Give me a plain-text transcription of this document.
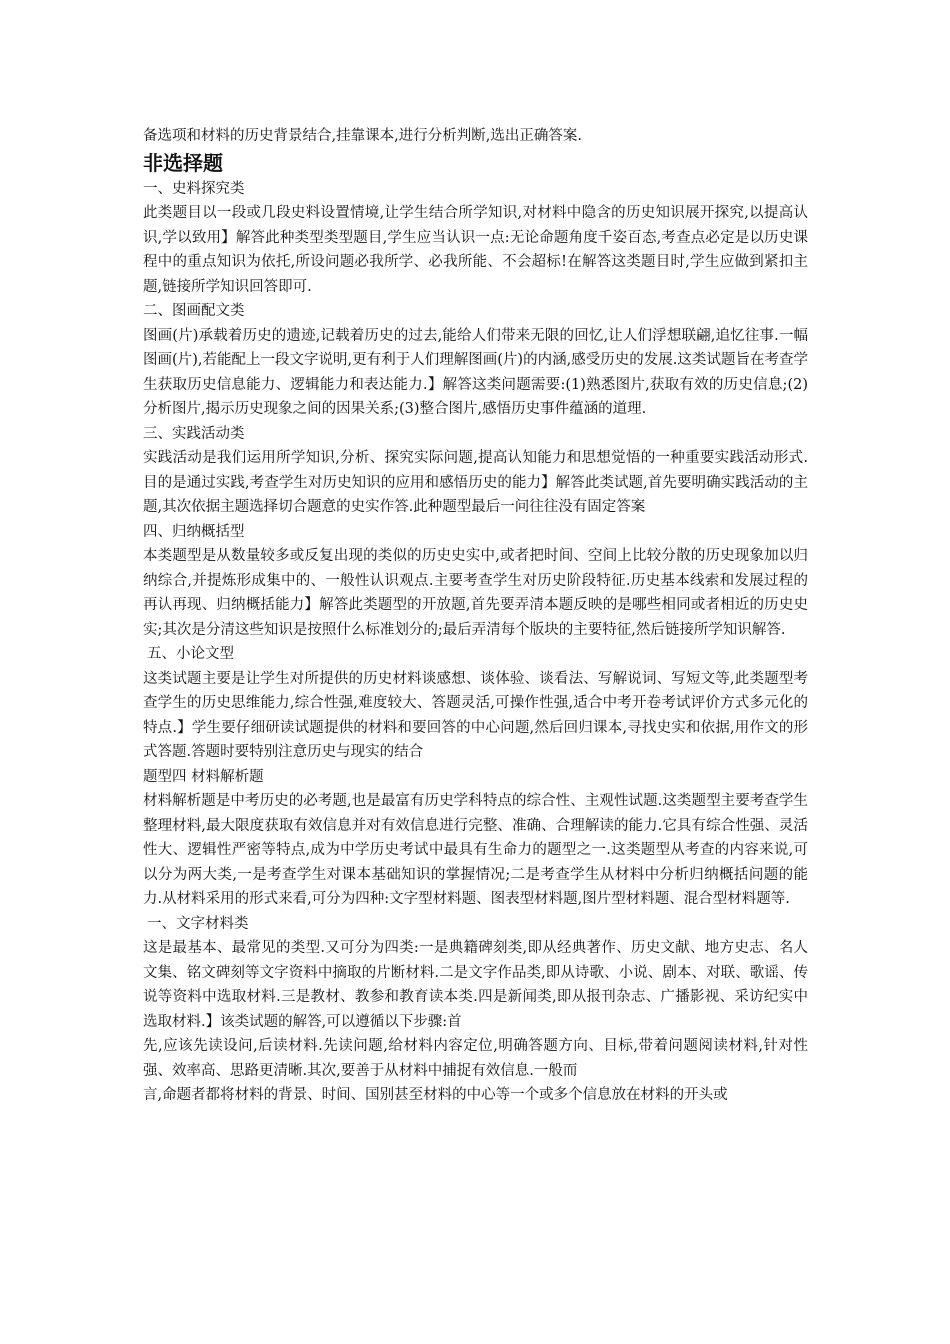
备选项和材料的历史背景结合,挂靠课本,进行分析判断,选出正确答案.
非选择题
一、史料探究类

此类题目以一段或几段史料设置情境,让学生结合所学知识,对材料中隐含的历史知识展开探究,以提高认识,学以致用】解答此种类型类型题目,学生应当认识一点:无论命题角度千姿百态,考查点必定是以历史课程中的重点知识为依托,所设问题必我所学、必我所能、不会超标!在解答这类题目时,学生应做到紧扣主题,链接所学知识回答即可.

二、图画配文类

图画(片)承载着历史的遗迹,记载着历史的过去,能给人们带来无限的回忆,让人们浮想联翩,追忆往事.一幅图画(片),若能配上一段文字说明,更有利于人们理解图画(片)的内涵,感受历史的发展.这类试题旨在考查学生获取历史信息能力、逻辑能力和表达能力.】解答这类问题需要:(1)熟悉图片,获取有效的历史信息;(2)分析图片,揭示历史现象之间的因果关系;(3)整合图片,感悟历史事件蕴涵的道理.

三、实践活动类

实践活动是我们运用所学知识,分析、探究实际问题,提高认知能力和思想觉悟的一种重要实践活动形式.目的是通过实践,考查学生对历史知识的应用和感悟历史的能力】解答此类试题,首先要明确实践活动的主题,其次依据主题选择切合题意的史实作答.此种题型最后一问往往没有固定答案

四、归纳概括型

本类题型是从数量较多或反复出现的类似的历史史实中,或者把时间、空间上比较分散的历史现象加以归纳综合,并提炼形成集中的、一般性认识观点.主要考查学生对历史阶段特征.历史基本线索和发展过程的再认再现、归纳概括能力】解答此类题型的开放题,首先要弄清本题反映的是哪些相同或者相近的历史史实;其次是分清这些知识是按照什么标准划分的;最后弄清每个版块的主要特征,然后链接所学知识解答.

五、小论文型

这类试题主要是让学生对所提供的历史材料谈感想、谈体验、谈看法、写解说词、写短文等,此类题型考查学生的历史思维能力,综合性强,难度较大、答题灵活,可操作性强,适合中考开卷考试评价方式多元化的特点.】学生要仔细研读试题提供的材料和要回答的中心问题,然后回归课本,寻找史实和依据,用作文的形式答题.答题时要特别注意历史与现实的结合

题型四 材料解析题

材料解析题是中考历史的必考题,也是最富有历史学科特点的综合性、主观性试题.这类题型主要考查学生整理材料,最大限度获取有效信息并对有效信息进行完整、准确、合理解读的能力.它具有综合性强、灵活性大、逻辑性严密等特点,成为中学历史考试中最具有生命力的题型之一.这类题型从考查的内容来说,可以分为两大类,一是考查学生对课本基础知识的掌握情况;二是考查学生从材料中分析归纳概括问题的能力.从材料采用的形式来看,可分为四种:文字型材料题、图表型材料题,图片型材料题、混合型材料题等.

一、文字材料类

这是最基本、最常见的类型.又可分为四类:一是典籍碑刻类,即从经典著作、历史文献、地方史志、名人文集、铭文碑刻等文字资料中摘取的片断材料.二是文字作品类,即从诗歌、小说、剧本、对联、歌谣、传说等资料中选取材料.三是教材、教参和教育读本类.四是新闻类,即从报刊杂志、广播影视、采访纪实中选取材料.】该类试题的解答,可以遵循以下步骤:首

先,应该先读设问,后读材料.先读问题,给材料内容定位,明确答题方向、目标,带着问题阅读材料,针对性强、效率高、思路更清晰.其次,要善于从材料中捕捉有效信息.一般而

言,命题者都将材料的背景、时间、国别甚至材料的中心等一个或多个信息放在材料的开头或
